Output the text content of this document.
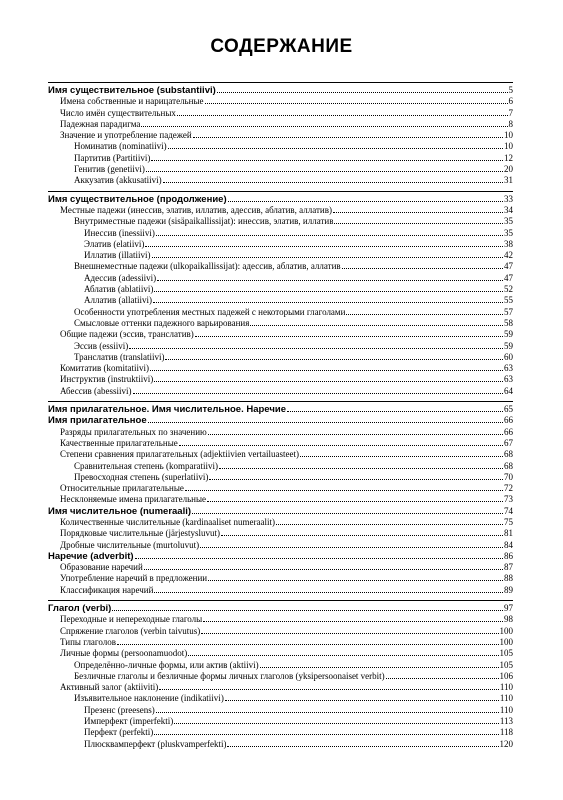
СОДЕРЖАНИЕ
Имя существительное (substantiivi)	5
Имена собственные и нарицательные	6
Число имён существительных	7
Падежная парадигма	8
Значение и употребление падежей	10
Номинатив (nominatiivi)	10
Партитив (Partitiivi)	12
Генитив (genetiivi)	20
Аккузатив (akkusatiivi)	31
Имя существительное (продолжение)	33
Местные падежи (инессив, элатив, иллатив, адессив, аблатив, аллатив)	34
Внутриместные падежи (sisäpaikallissijat): инессив, элатив, иллатив	35
Инессив (inessiivi)	35
Элатив (elatiivi)	38
Иллатив (illatiivi)	42
Внешнеместные падежи (ulkopaikallissijat): адессив, аблатив, аллатив	47
Адессив (adessiivi)	47
Аблатив (ablatiivi)	52
Аллатив (allatiivi)	55
Особенности употребления местных падежей с некоторыми глаголами	57
Смысловые оттенки падежного варьирования	58
Общие падежи (эссив, транслатив)	59
Эссив (essiivi)	59
Транслатив (translatiivi)	60
Комитатив (komitatiivi)	63
Инструктив (instruktiivi)	63
Абессив (abessiivi)	64
Имя прилагательное. Имя числительное. Наречие	65
Имя прилагательное	66
Разряды прилагательных по значению	66
Качественные прилагательные	67
Степени сравнения прилагательных (adjektiivien vertailuasteet)	68
Сравнительная степень (komparatiivi)	68
Превосходная степень (superlatiivi)	70
Относительные прилагательные	72
Несклоняемые имена прилагательные	73
Имя числительное (numeraali)	74
Количественные числительные (kardinaaliset numeraalit)	75
Порядковые числительные (järjestysluvut)	81
Дробные числительные (murtoluvut)	84
Наречие (adverbit)	86
Образование наречий	87
Употребление наречий в предложении	88
Классификация наречий	89
Глагол (verbi)	97
Переходные и непереходные глаголы	98
Спряжение глаголов (verbin taivutus)	100
Типы глаголов	100
Личные формы (persoonamuodot)	105
Определённо-личные формы, или актив (aktiivi)	105
Безличные глаголы и безличные формы личных глаголов (yksipersoonaiset verbit)	106
Активный залог (aktiiviti)	110
Изъявительное наклонение (indikatiivi)	110
Презенс (preesens)	110
Имперфект (imperfekti)	113
Перфект (perfekti)	118
Плюсквамперфект (pluskvamperfekti)	120
